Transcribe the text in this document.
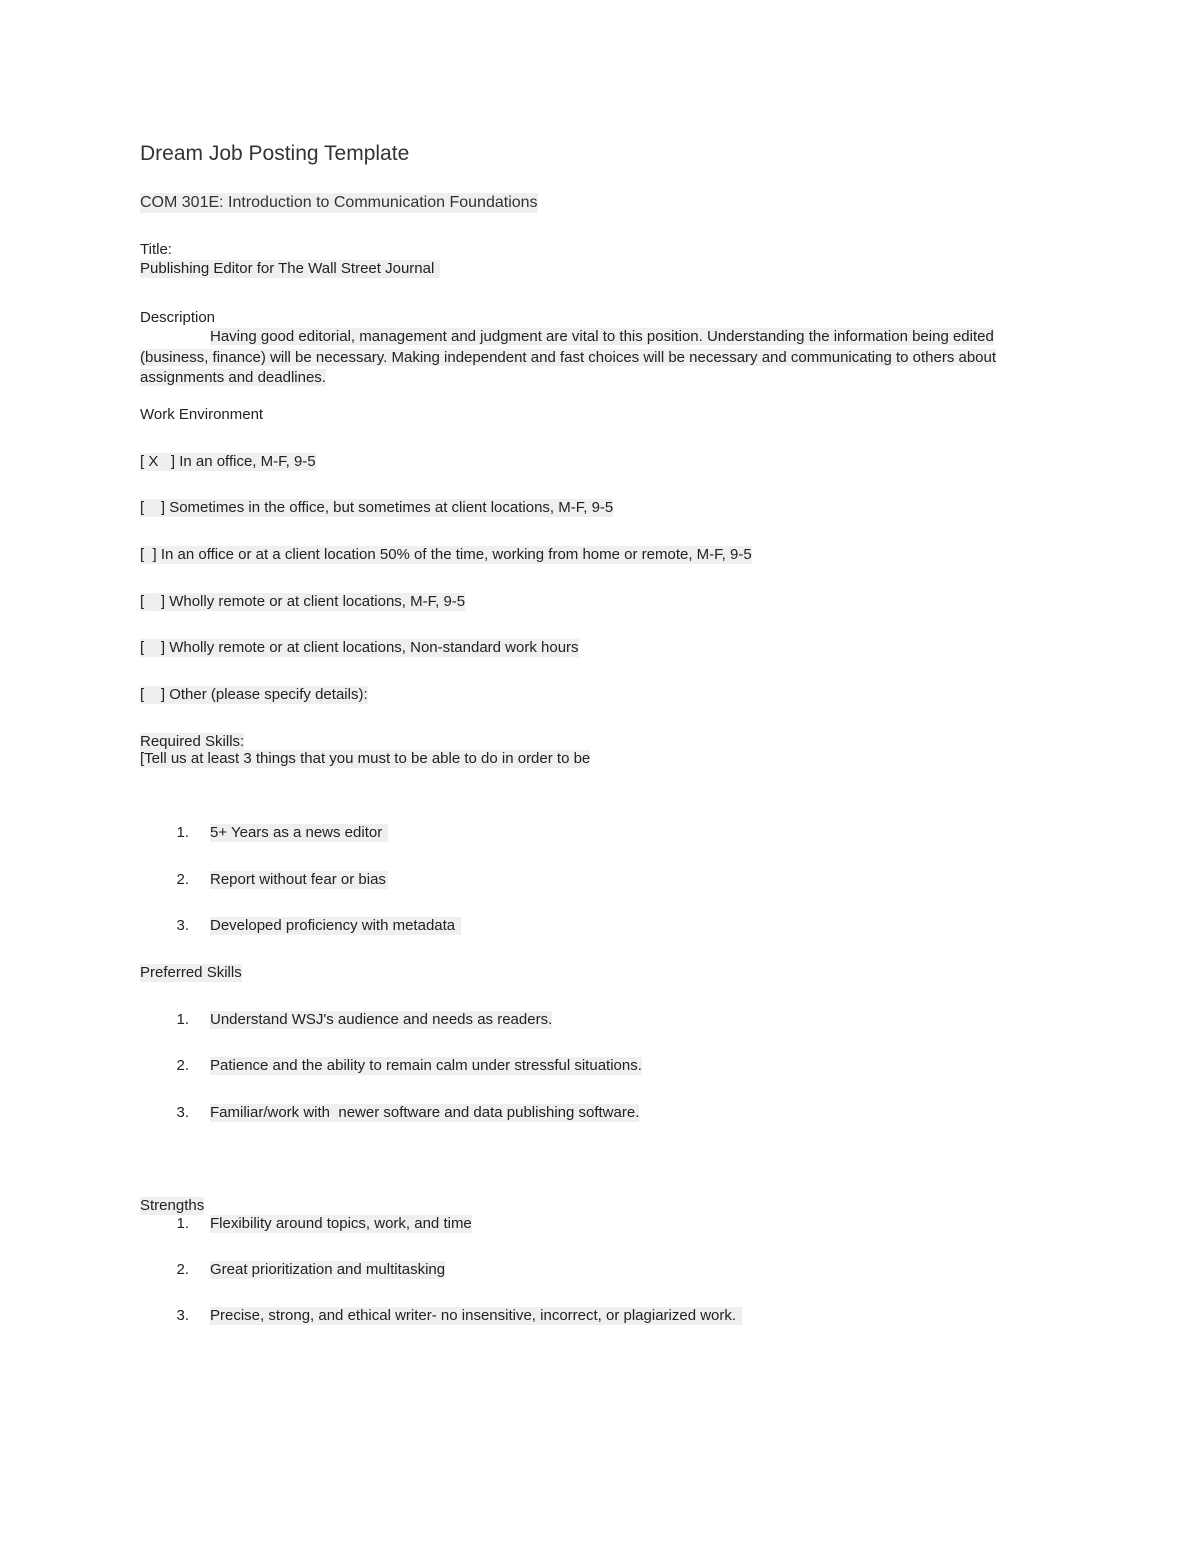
Dream Job Posting Template
COM 301E: Introduction to Communication Foundations
Title:
Publishing Editor for The Wall Street Journal
Description
Having good editorial, management and judgment are vital to this position. Understanding the information being edited (business, finance) will be necessary. Making independent and fast choices will be necessary and communicating to others about assignments and deadlines.
Work Environment
[ X   ] In an office, M-F, 9-5
[    ] Sometimes in the office, but sometimes at client locations, M-F, 9-5
[  ] In an office or at a client location 50% of the time, working from home or remote, M-F, 9-5
[    ] Wholly remote or at client locations, M-F, 9-5
[    ] Wholly remote or at client locations, Non-standard work hours
[    ] Other (please specify details):
Required Skills:
[Tell us at least 3 things that you must to be able to do in order to be
1. 5+ Years as a news editor
2. Report without fear or bias
3. Developed proficiency with metadata
Preferred Skills
1. Understand WSJ's audience and needs as readers.
2. Patience and the ability to remain calm under stressful situations.
3. Familiar/work with  newer software and data publishing software.
Strengths
1. Flexibility around topics, work, and time
2. Great prioritization and multitasking
3. Precise, strong, and ethical writer- no insensitive, incorrect, or plagiarized work.
